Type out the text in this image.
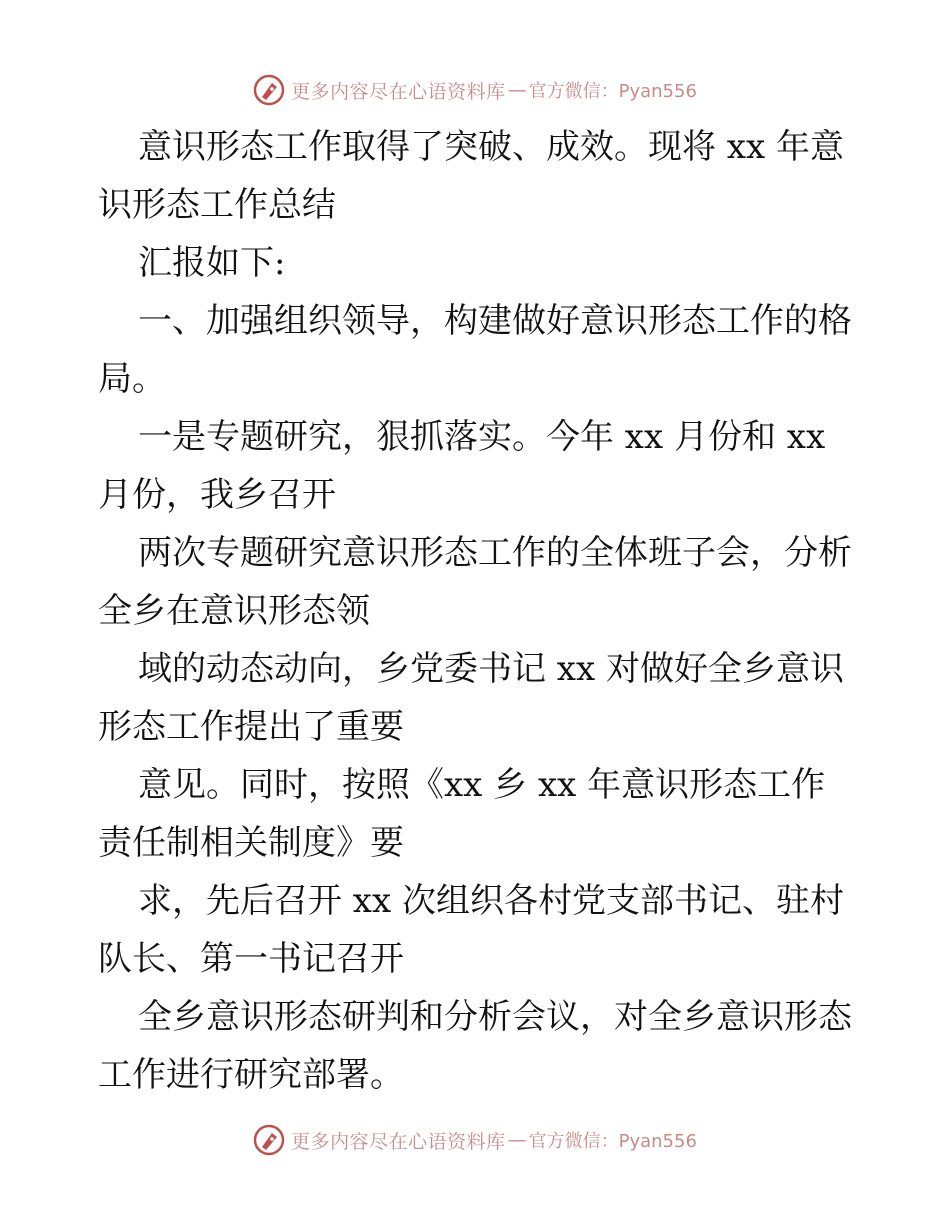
更多内容尽在心语资料库 — 官方微信：Pyan556

意识形态工作取得了突破、成效。现将 xx 年意
识形态工作总结

汇报如下:

一、加强组织领导，构建做好意识形态工作的格
局。

一是专题研究，狠抓落实。今年 xx 月份和 xx
月份，我乡召开

两次专题研究意识形态工作的全体班子会，分析
全乡在意识形态领

域的动态动向，乡党委书记 xx 对做好全乡意识
形态工作提出了重要

意见。同时，按照《xx 乡 xx 年意识形态工作
责任制相关制度》要

求，先后召开 xx 次组织各村党支部书记、驻村
队长、第一书记召开

全乡意识形态研判和分析会议，对全乡意识形态
工作进行研究部署。

更多内容尽在心语资料库 — 官方微信：Pyan556
